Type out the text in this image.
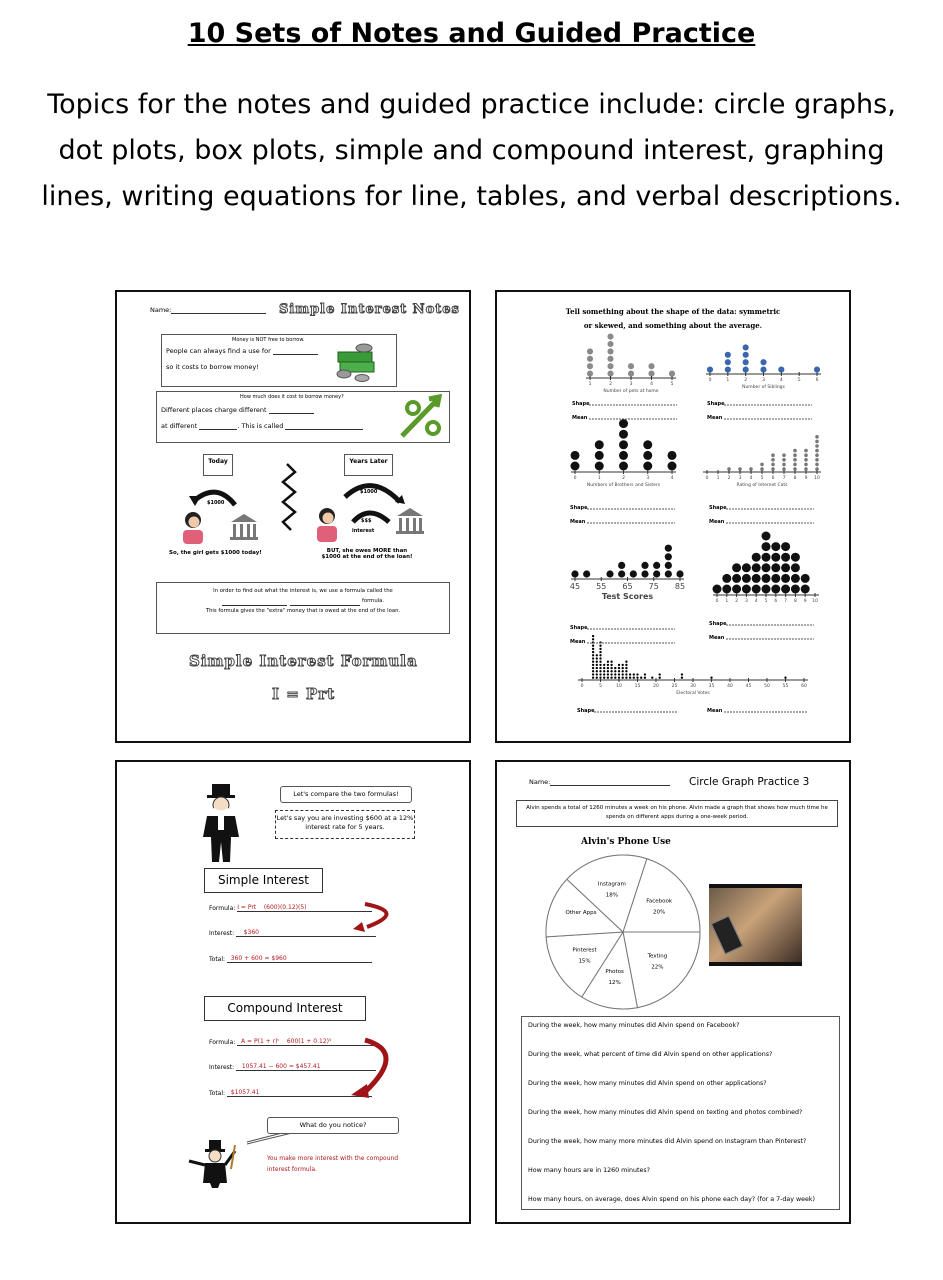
10 Sets of Notes and Guided Practice
Topics for the notes and guided practice include: circle graphs, dot plots, box plots, simple and compound interest, graphing lines, writing equations for line, tables, and verbal descriptions.
Name:	Simple Interest Notes
Money is NOT free to borrow.
People can always find a use for
so it costs to borrow money!
How much does it cost to borrow money?
Different places charge different
at different	. This is called
Today	Years Later
$1000
$1000
$$$
interest
So, the girl gets $1000 today!	BUT, she owes MORE than
$1000 at the end of the loan!
In order to find out what the interest is, we use a formula called the
formula.
This formula gives the "extra" money that is owed at the end of the loan.
Simple Interest Formula
I = Prt
Tell something about the shape of the data: symmetric
or skewed, and something about the average.
1	2	3	4	5
Number of pets at home
0	1	2	3	4	5	6
Number of Siblings
0	1	2	3	4
Numbers of Brothers and Sisters
0 1 2 3 4 5 6 7 8 9 10
Rating of Internet Cats
45 55 65 75 85
Test Scores
0 1 2 3 4 5 6 7 8 9 10
0	5	10	15	20	25	30	35	40	45	50	55	60
Electoral Votes
Shape
Mean
Shape
Mean
Shape
Mean
Shape
Mean
Shape
Mean
Shape
Mean
Shape	Mean
Let's compare the two formulas!
Let's say you are investing $600 at a 12% interest rate for 5 years.
Simple Interest
Formula: I = Prt (600)(0.12)(5)
Interest: $360
Total: 360 + 600 = $960
Compound Interest
Formula: A = P(1 + r)ᵗ 600(1 + 0.12)⁵
Interest: 1057.41 − 600 = $457.41
Total: $1057.41
What do you notice?
You make more interest with the compound interest formula.
Name:	Circle Graph Practice 3
Alvin spends a total of 1260 minutes a week on his phone. Alvin made a graph that shows how much time he spends on different apps during a one-week period.
Alvin's Phone Use
Facebook
20%
Texting
22%
Photos
12%
Pinterest
15%
Other Apps
Instagram
18%
During the week, how many minutes did Alvin spend on Facebook?
During the week, what percent of time did Alvin spend on other applications?
During the week, how many minutes did Alvin spend on other applications?
During the week, how many minutes did Alvin spend on texting and photos combined?
During the week, how many more minutes did Alvin spend on Instagram than Pinterest?
How many hours are in 1260 minutes?
How many hours, on average, does Alvin spend on his phone each day? (for a 7-day week)
